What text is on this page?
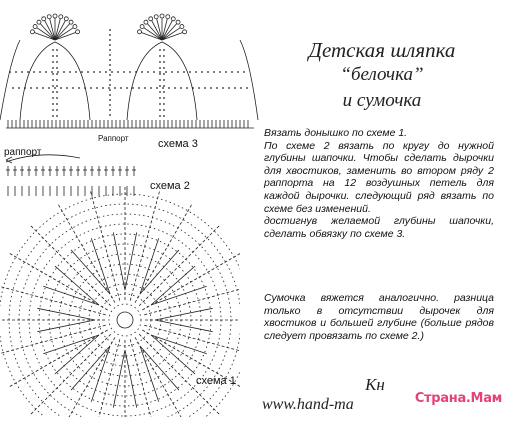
Раппорт	схема 3
раппорт
схема 2
схема 1
Детская шляпка
“белочка”
и сумочка

Вязать донышко по схеме 1.

По схеме 2 вязать по кругу до нужной глубины шапочки. Чтобы сделать дырочки для хвостиков, заменить во втором ряду 2 раппорта на 12 воздушных петель для каждой дырочки. следующий ряд вязать по схеме без изменений.

достигнув желаемой глубины шапочки, сделать обвязку по схеме 3.

Сумочка вяжется аналогично. разница только в отсутствии дырочек для хвостиков и большей глубине (больше рядов следует провязать по схеме 2.)

Кн
www.hand-ma	Страна.Мам
